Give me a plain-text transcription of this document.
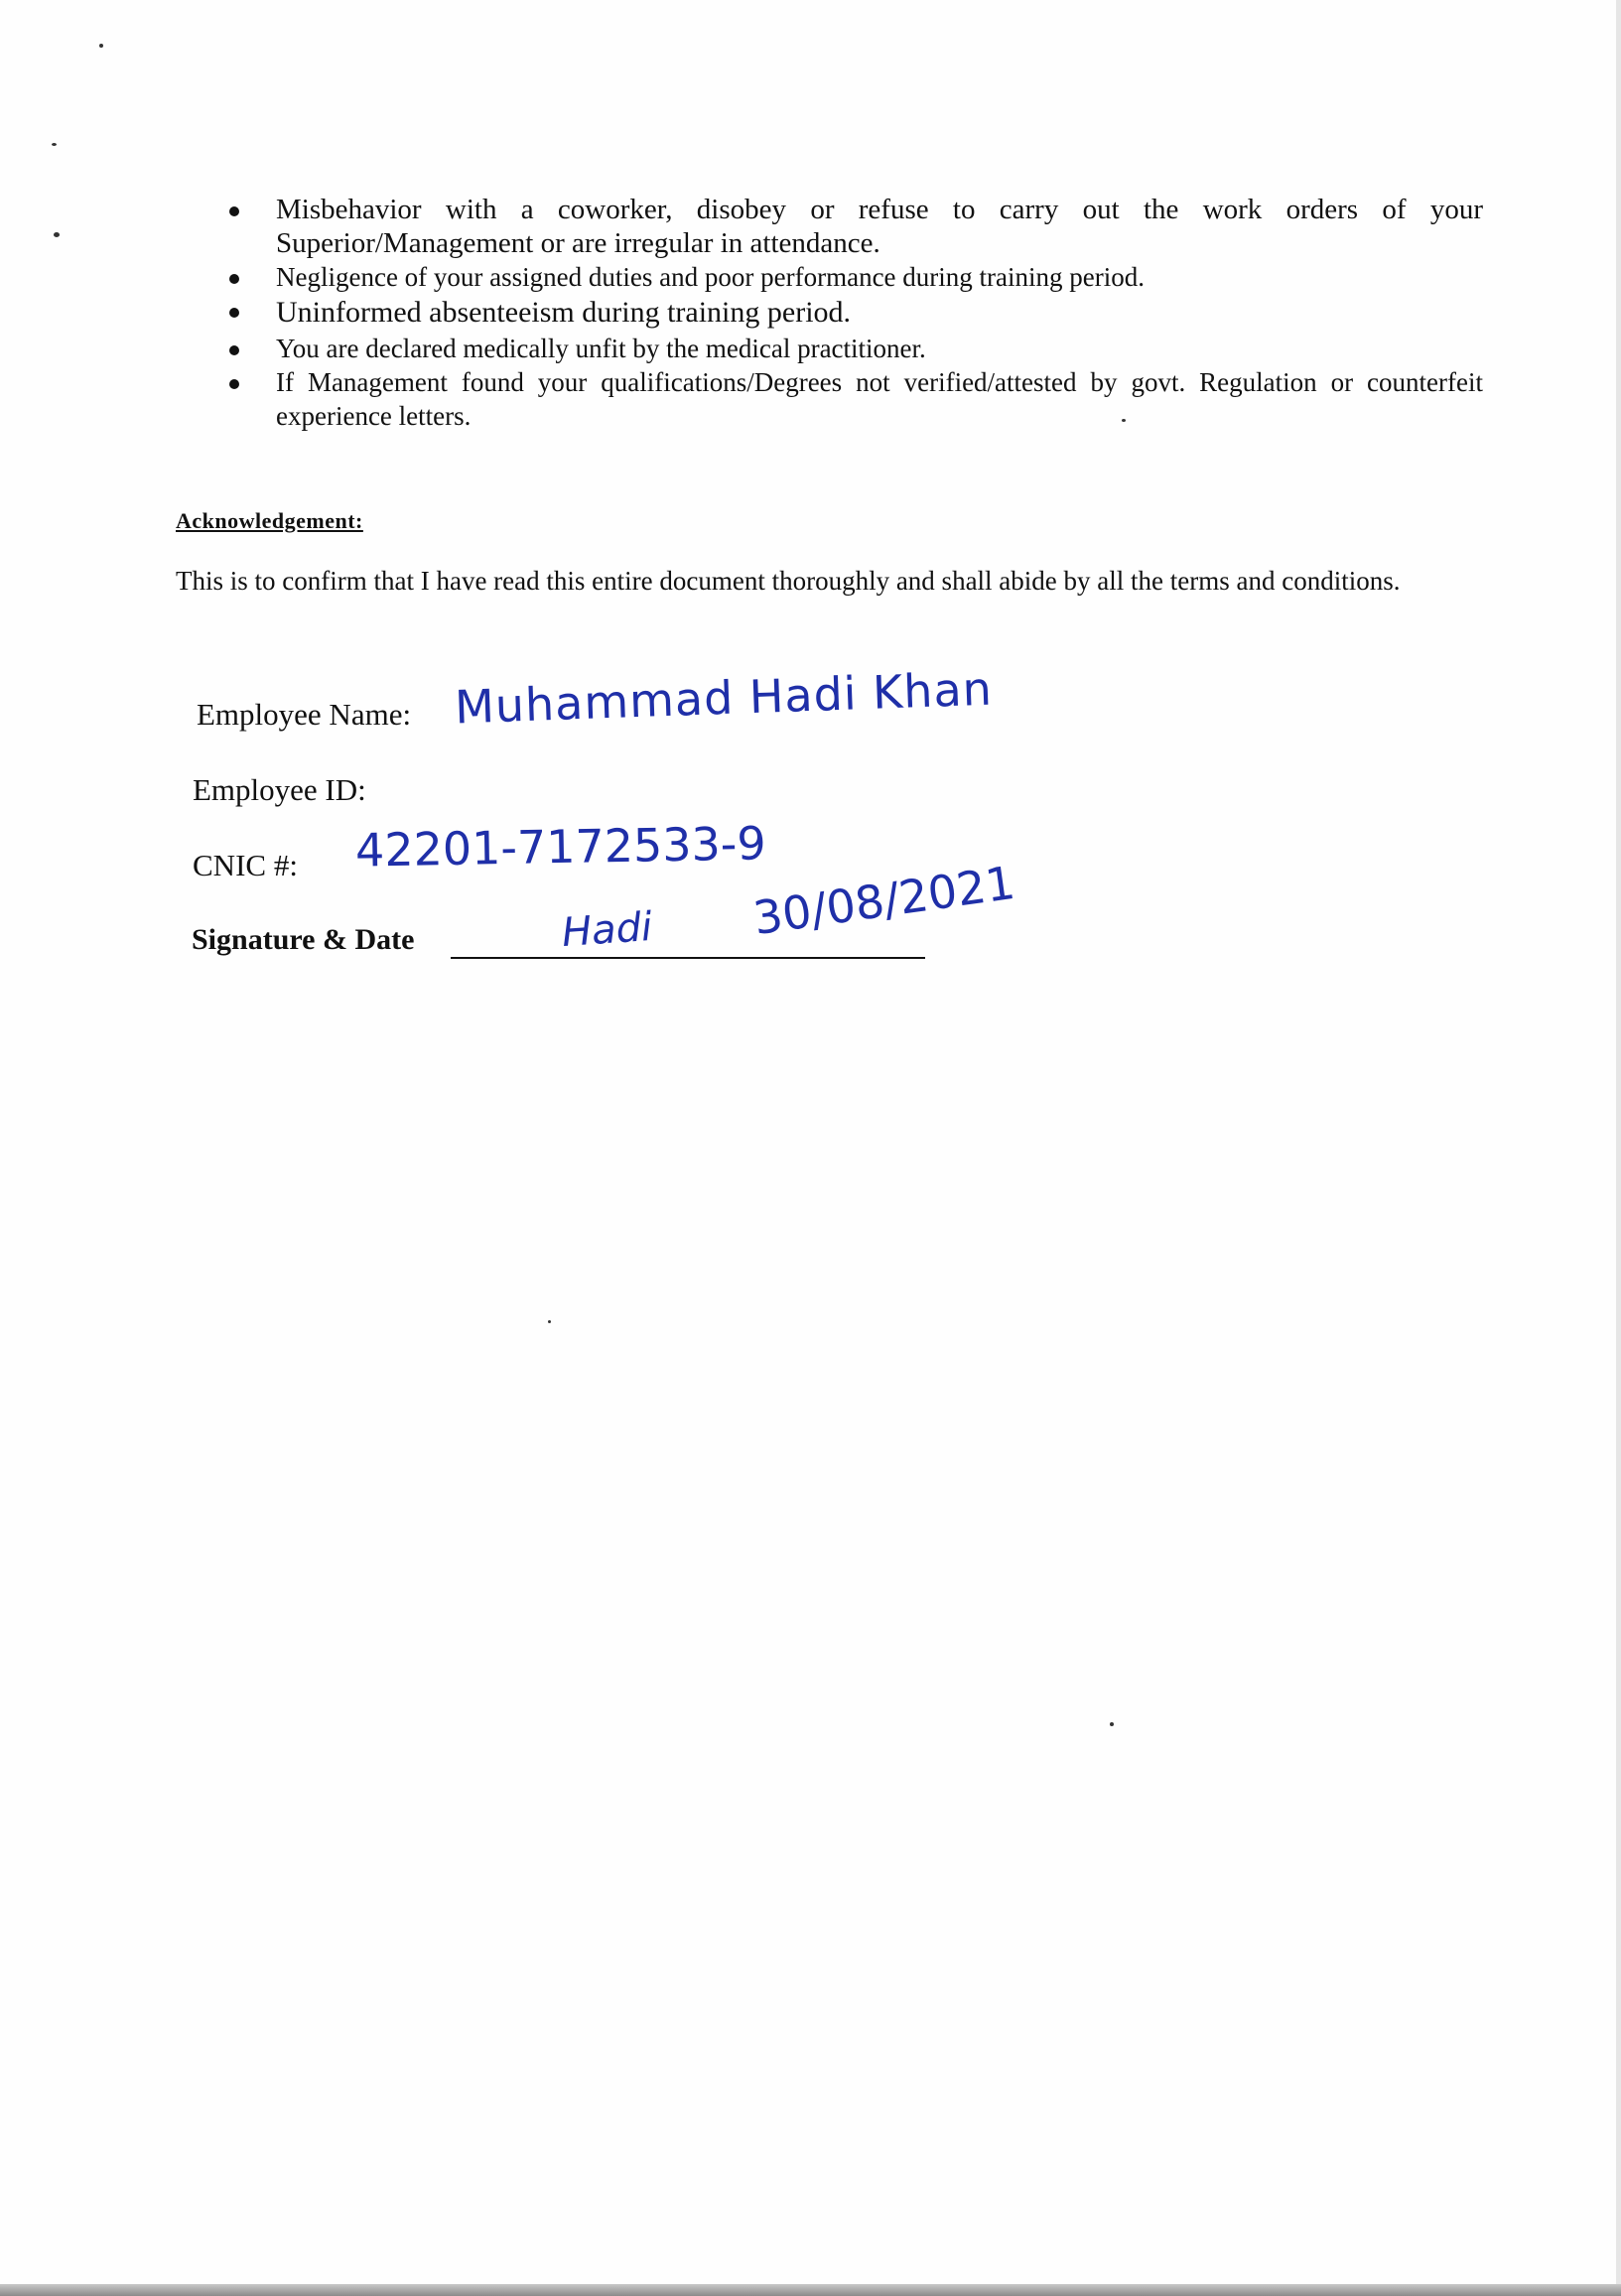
Misbehavior with a coworker, disobey or refuse to carry out the work orders of your Superior/Management or are irregular in attendance.
Negligence of your assigned duties and poor performance during training period.
Uninformed absenteeism during training period.
You are declared medically unfit by the medical practitioner.
If Management found your qualifications/Degrees not verified/attested by govt. Regulation or counterfeit experience letters.
Acknowledgement:

This is to confirm that I have read this entire document thoroughly and shall abide by all the terms and conditions.

Employee Name: Muhammad Hadi Khan
Employee ID:
CNIC #: 42201-7172533-9
Signature & Date	Hadi 30/08/2021
